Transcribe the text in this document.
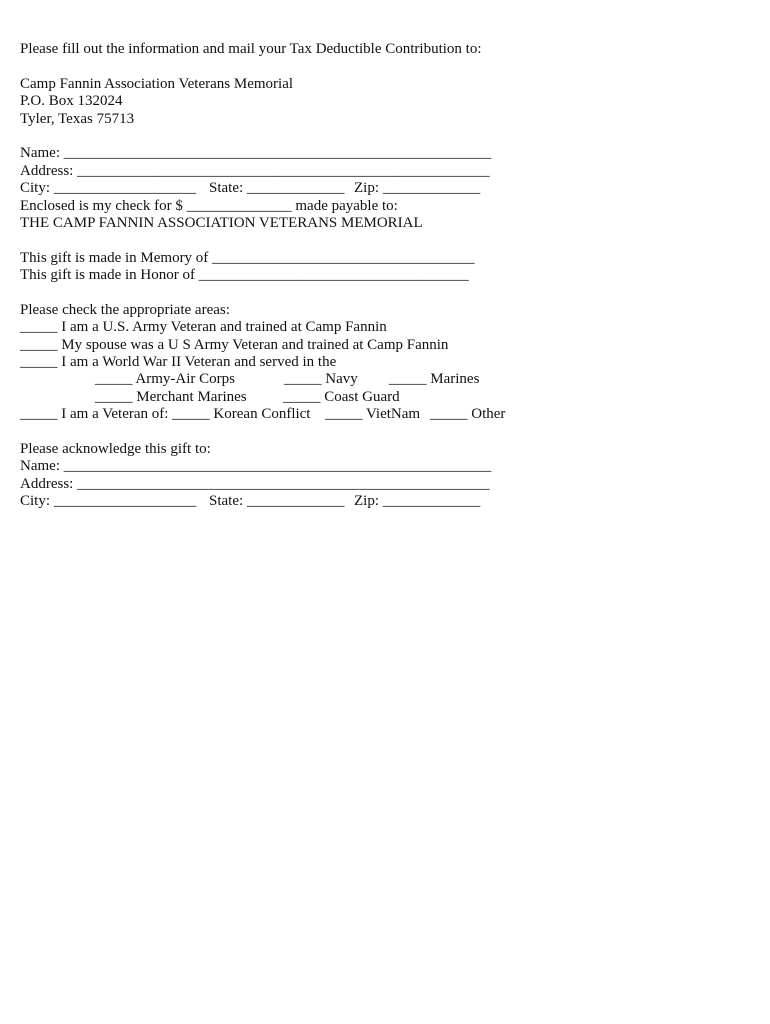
Please fill out the information and mail your Tax Deductible Contribution to:
Camp Fannin Association Veterans Memorial
P.O. Box 132024
Tyler, Texas 75713
Name: _________________________________________________________
Address: _______________________________________________________
City: ___________________ State: _____________ Zip: _____________
Enclosed is my check for $ ______________ made payable to:
THE CAMP FANNIN ASSOCIATION VETERANS MEMORIAL
This gift is made in Memory of ___________________________________
This gift is made in Honor of ____________________________________
Please check the appropriate areas:
_____ I am a U.S. Army Veteran and trained at Camp Fannin
_____ My spouse was a U S Army Veteran and trained at Camp Fannin
_____ I am a World War II Veteran and served in the
_____ Army-Air Corps	_____ Navy _____ Marines
_____ Merchant Marines _____ Coast Guard
_____ I am a Veteran of: _____ Korean Conflict _____ VietNam _____ Other
Please acknowledge this gift to:
Name: _________________________________________________________
Address: _______________________________________________________
City: ___________________ State: _____________ Zip: _____________
